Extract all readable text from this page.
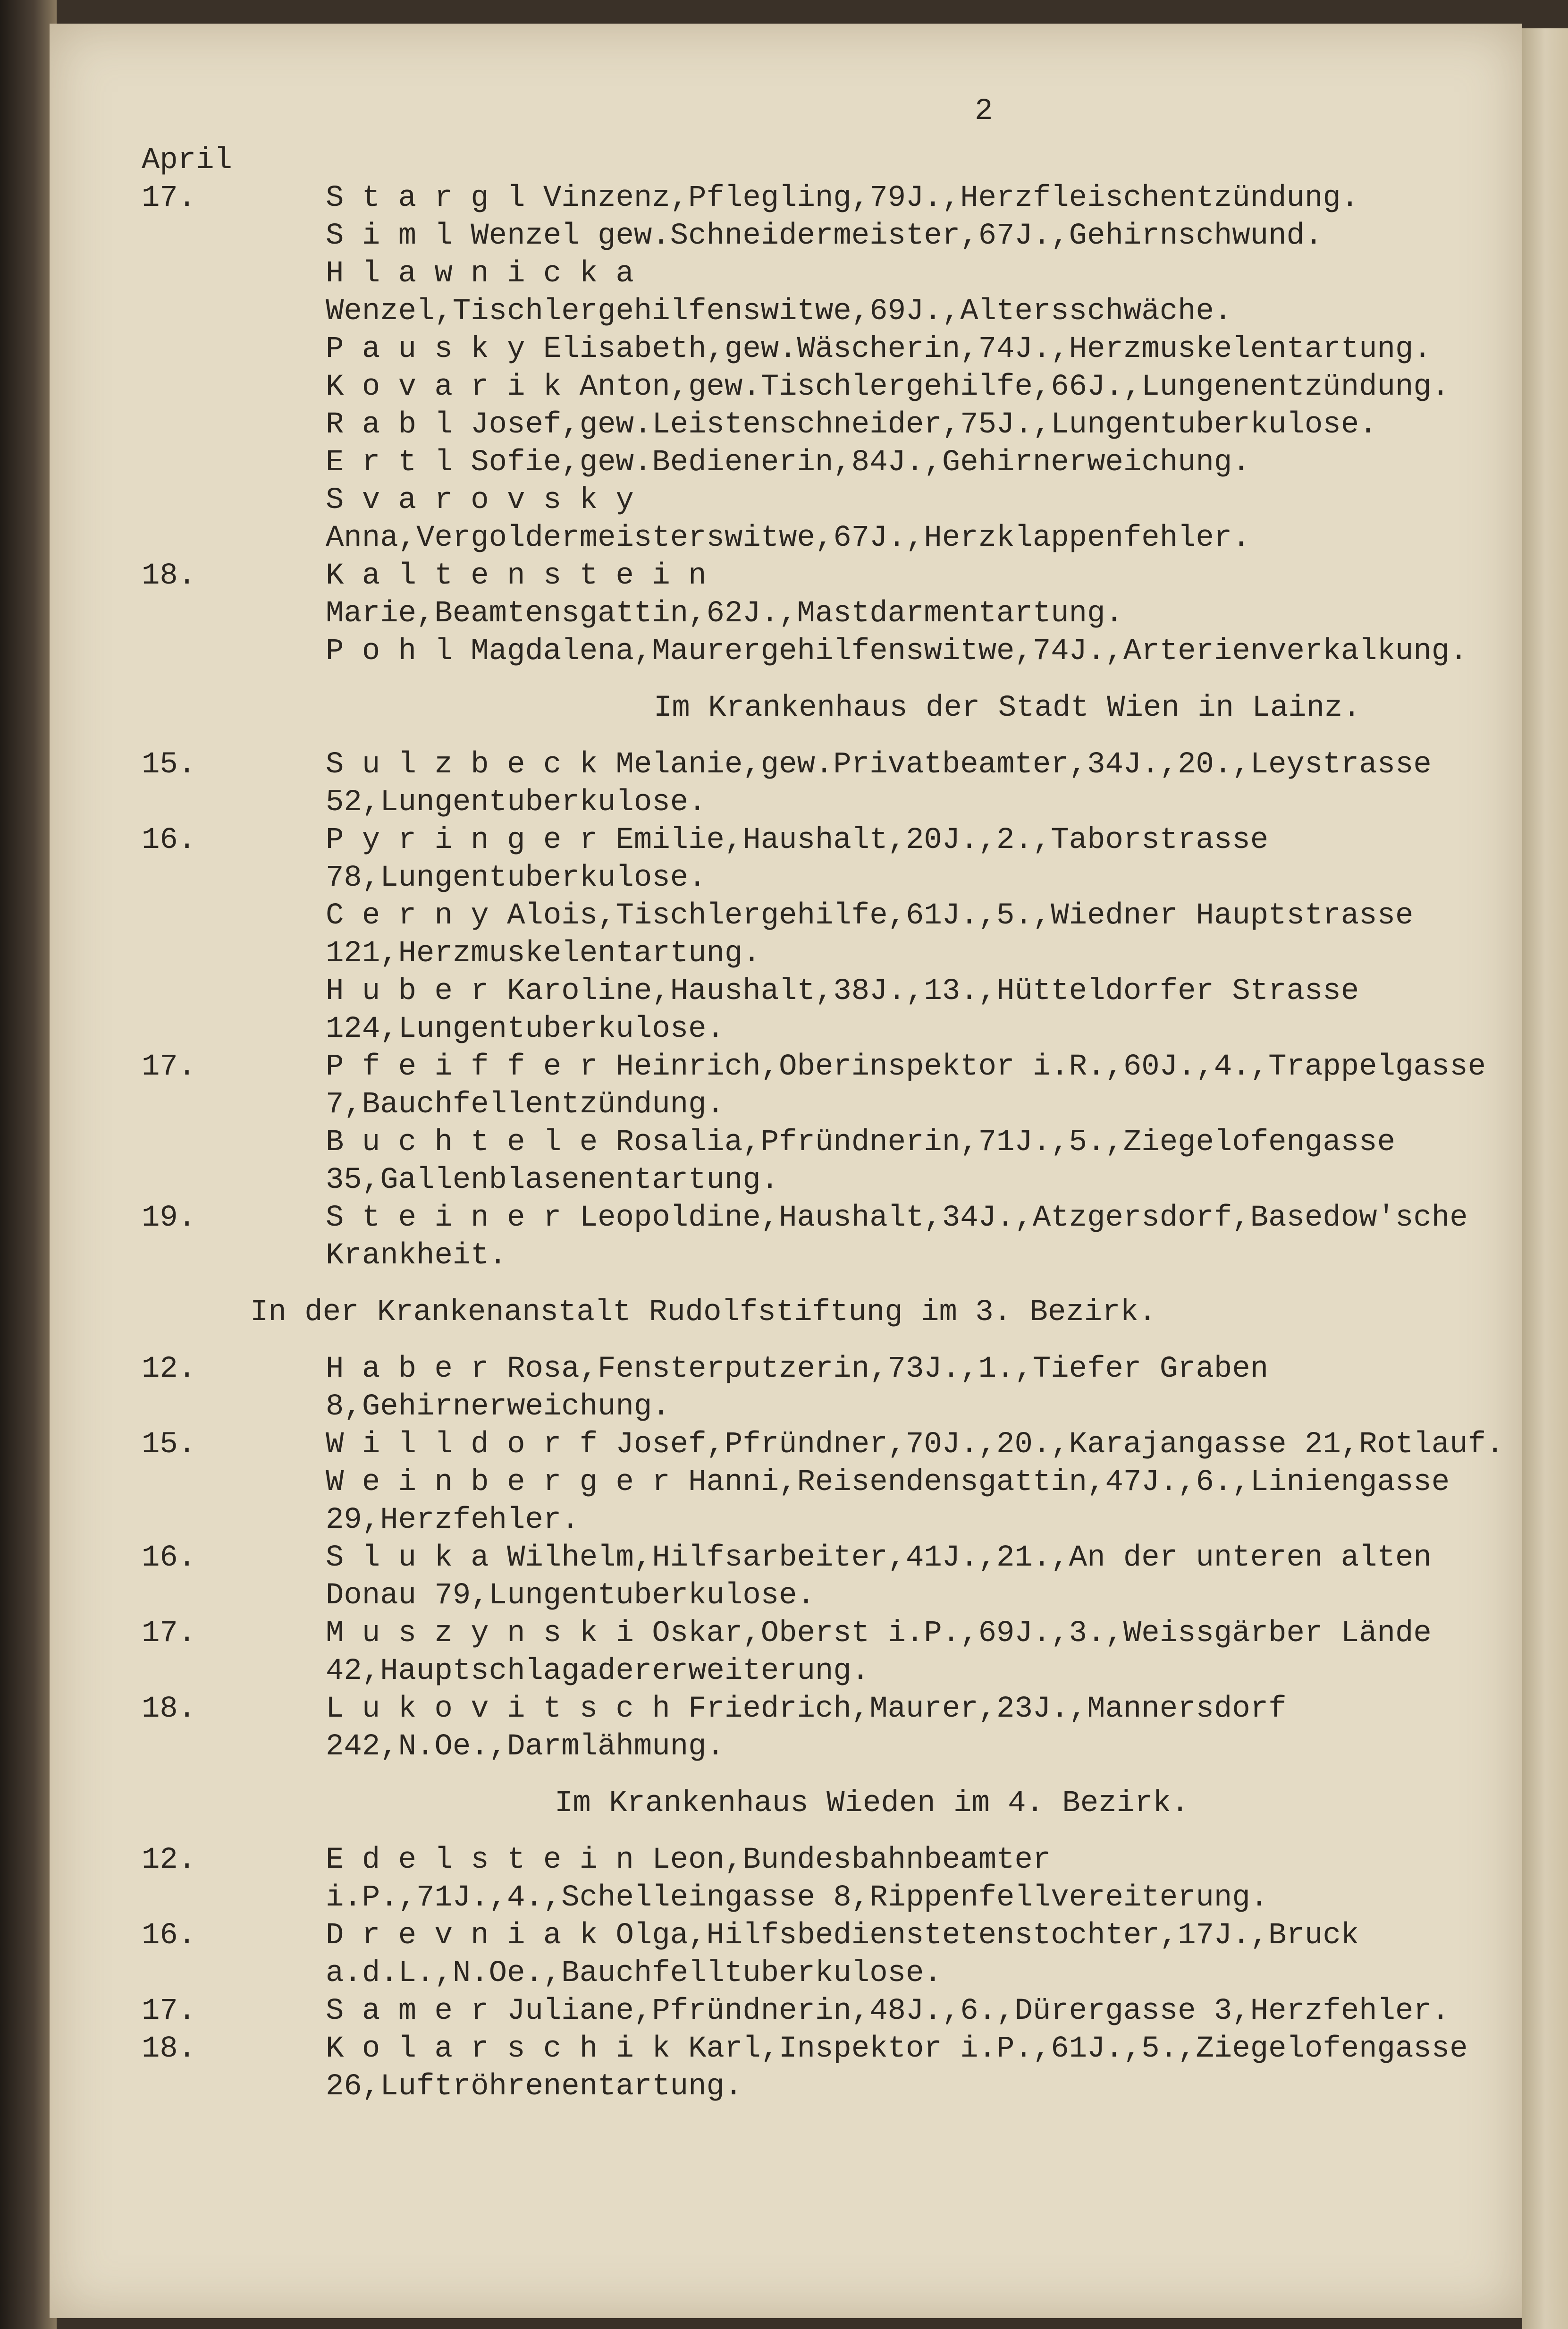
2
April
17.	S t a r g l Vinzenz,Pflegling,79J.,Herzfleischentzündung.
S i m l Wenzel gew.Schneidermeister,67J.,Gehirnschwund.
H l a w n i c k a Wenzel,Tischlergehilfenswitwe,69J.,Altersschwäche.
P a u s k y Elisabeth,gew.Wäscherin,74J.,Herzmuskelentartung.
K o v a r i k Anton,gew.Tischlergehilfe,66J.,Lungenentzündung.
R a b l Josef,gew.Leistenschneider,75J.,Lungentuberkulose.
E r t l Sofie,gew.Bedienerin,84J.,Gehirnerweichung.
S v a r o v s k y Anna,Vergoldermeisterswitwe,67J.,Herzklappenfehler.
18.	K a l t e n s t e i n Marie,Beamtensgattin,62J.,Mastdarmentartung.
P o h l Magdalena,Maurergehilfenswitwe,74J.,Arterienverkalkung.
Im Krankenhaus der Stadt Wien in Lainz.
15.	S u l z b e c k Melanie,gew.Privatbeamter,34J.,20.,Leystrasse 52,Lungentuberkulose.
16.	P y r i n g e r Emilie,Haushalt,20J.,2.,Taborstrasse 78,Lungentuberkulose.
C e r n y Alois,Tischlergehilfe,61J.,5.,Wiedner Hauptstrasse 121,Herzmuskelentartung.
H u b e r Karoline,Haushalt,38J.,13.,Hütteldorfer Strasse 124,Lungentuberkulose.
17.	P f e i f f e r Heinrich,Oberinspektor i.R.,60J.,4.,Trappelgasse 7,Bauchfellentzündung.
B u c h t e l e Rosalia,Pfründnerin,71J.,5.,Ziegelofengasse 35,Gallenblasenentartung.
19.	S t e i n e r Leopoldine,Haushalt,34J.,Atzgersdorf,Basedow'sche Krankheit.
In der Krankenanstalt Rudolfstiftung im 3. Bezirk.
12.	H a b e r Rosa,Fensterputzerin,73J.,1.,Tiefer Graben 8,Gehirnerweichung.
15.	W i l l d o r f Josef,Pfründner,70J.,20.,Karajangasse 21,Rotlauf.
W e i n b e r g e r Hanni,Reisendensgattin,47J.,6.,Liniengasse 29,Herzfehler.
16.	S l u k a Wilhelm,Hilfsarbeiter,41J.,21.,An der unteren alten Donau 79,Lungentuberkulose.
17.	M u s z y n s k i Oskar,Oberst i.P.,69J.,3.,Weissgärber Lände 42,Hauptschlagadererweiterung.
18.	L u k o v i t s c h Friedrich,Maurer,23J.,Mannersdorf 242,N.Oe.,Darmlähmung.
Im Krankenhaus Wieden im 4. Bezirk.
12.	E d e l s t e i n Leon,Bundesbahnbeamter i.P.,71J.,4.,Schelleingasse 8,Rippenfellvereiterung.
16.	D r e v n i a k Olga,Hilfsbedienstetenstochter,17J.,Bruck a.d.L.,N.Oe.,Bauchfelltuberkulose.
17.	S a m e r Juliane,Pfründnerin,48J.,6.,Dürergasse 3,Herzfehler.
18.	K o l a r s c h i k Karl,Inspektor i.P.,61J.,5.,Ziegelofengasse 26,Luftröhrenentartung.
